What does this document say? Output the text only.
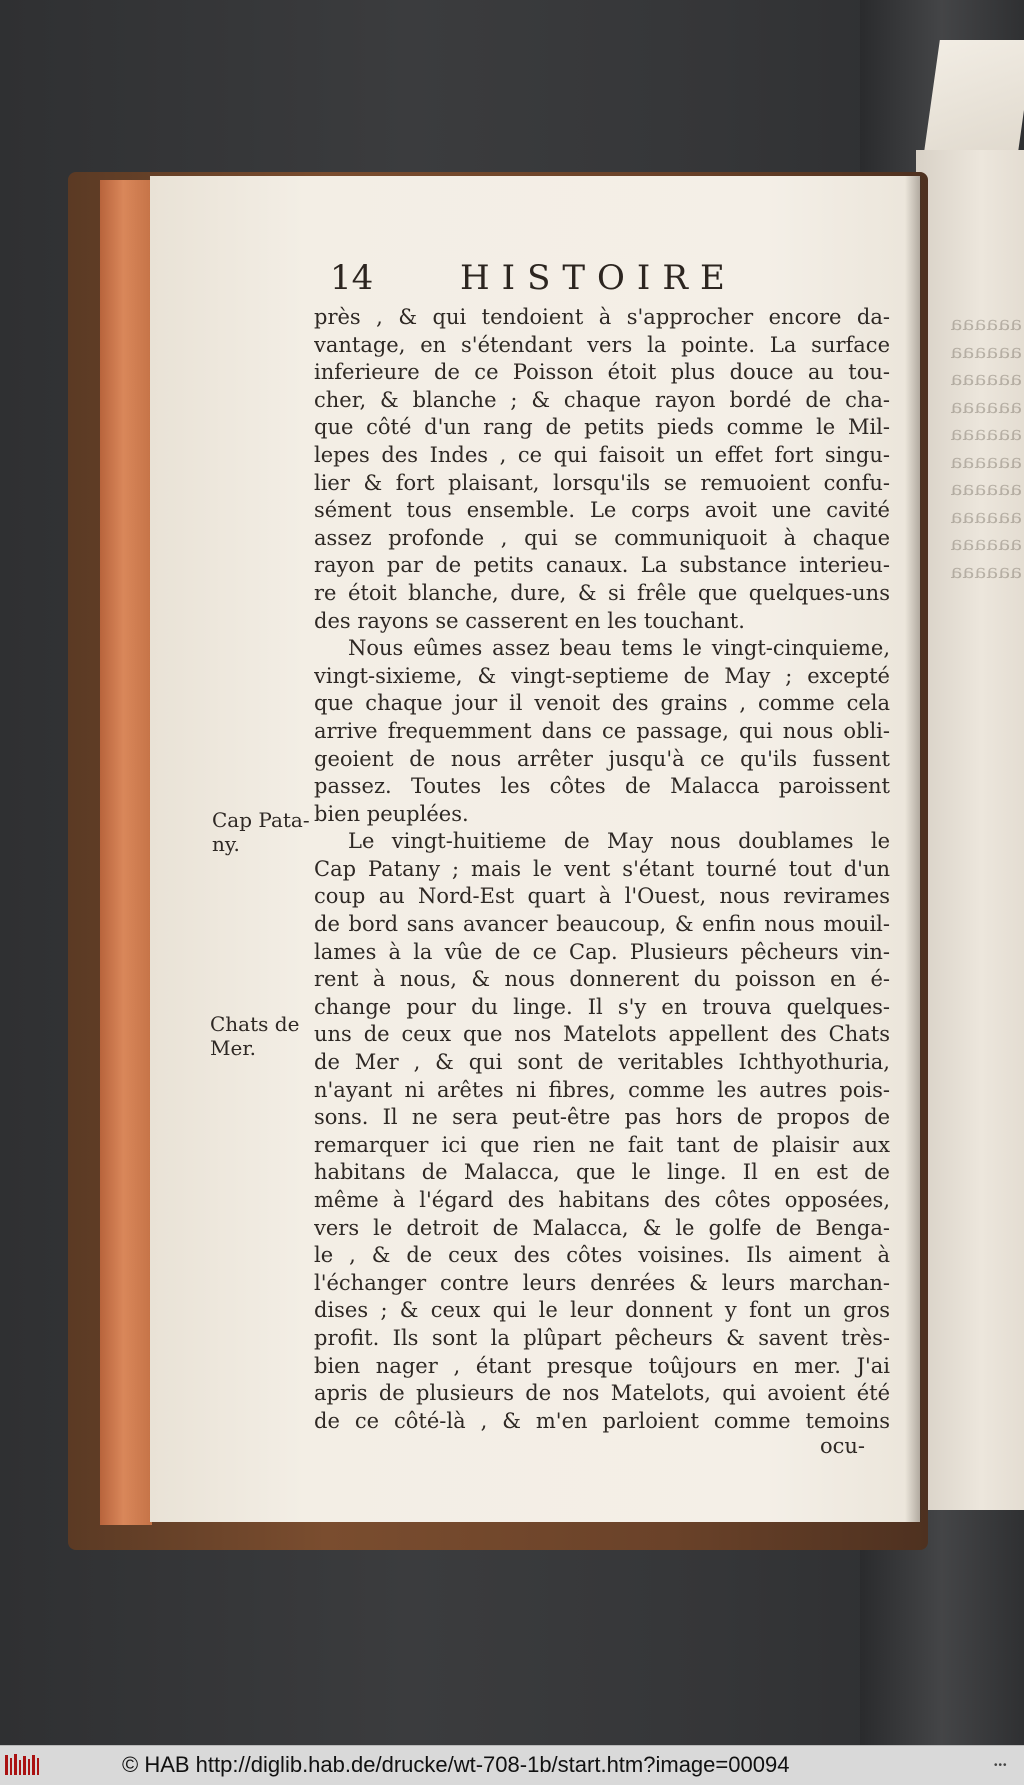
aaaaaa
aaaaaa
aaaaaa
aaaaaa
aaaaaa
aaaaaa
aaaaaa
aaaaaa
aaaaaa
aaaaaa
14	HISTOIRE
près , & qui tendoient à s'approcher encore da-
vantage, en s'étendant vers la pointe. La surface
inferieure de ce Poisson étoit plus douce au tou-
cher, & blanche ; & chaque rayon bordé de cha-
que côté d'un rang de petits pieds comme le Mil-
lepes des Indes , ce qui faisoit un effet fort singu-
lier & fort plaisant, lorsqu'ils se remuoient confu-
sément tous ensemble. Le corps avoit une cavité
assez profonde , qui se communiquoit à chaque
rayon par de petits canaux. La substance interieu-
re étoit blanche, dure, & si frêle que quelques-uns
des rayons se casserent en les touchant.
Nous eûmes assez beau tems le vingt-cinquieme,
vingt-sixieme, & vingt-septieme de May ; excepté
que chaque jour il venoit des grains , comme cela
arrive frequemment dans ce passage, qui nous obli-
geoient de nous arrêter jusqu'à ce qu'ils fussent
passez. Toutes les côtes de Malacca paroissent
bien peuplées.
Le vingt-huitieme de May nous doublames le
Cap Patany ; mais le vent s'étant tourné tout d'un
coup au Nord-Est quart à l'Ouest, nous revirames
de bord sans avancer beaucoup, & enfin nous mouil-
lames à la vûe de ce Cap. Plusieurs pêcheurs vin-
rent à nous, & nous donnerent du poisson en é-
change pour du linge. Il s'y en trouva quelques-
uns de ceux que nos Matelots appellent des Chats
de Mer , & qui sont de veritables Ichthyothuria,
n'ayant ni arêtes ni fibres, comme les autres pois-
sons. Il ne sera peut-être pas hors de propos de
remarquer ici que rien ne fait tant de plaisir aux
habitans de Malacca, que le linge. Il en est de
même à l'égard des habitans des côtes opposées,
vers le detroit de Malacca, & le golfe de Benga-
le , & de ceux des côtes voisines. Ils aiment à
l'échanger contre leurs denrées & leurs marchan-
dises ; & ceux qui le leur donnent y font un gros
profit. Ils sont la plûpart pêcheurs & savent très-
bien nager , étant presque toûjours en mer. J'ai
apris de plusieurs de nos Matelots, qui avoient été
de ce côté-là , & m'en parloient comme temoins
Cap Pata-
ny.
Chats de
Mer.
ocu-
© HAB http://diglib.hab.de/drucke/wt-708-1b/start.htm?image=00094	•••
